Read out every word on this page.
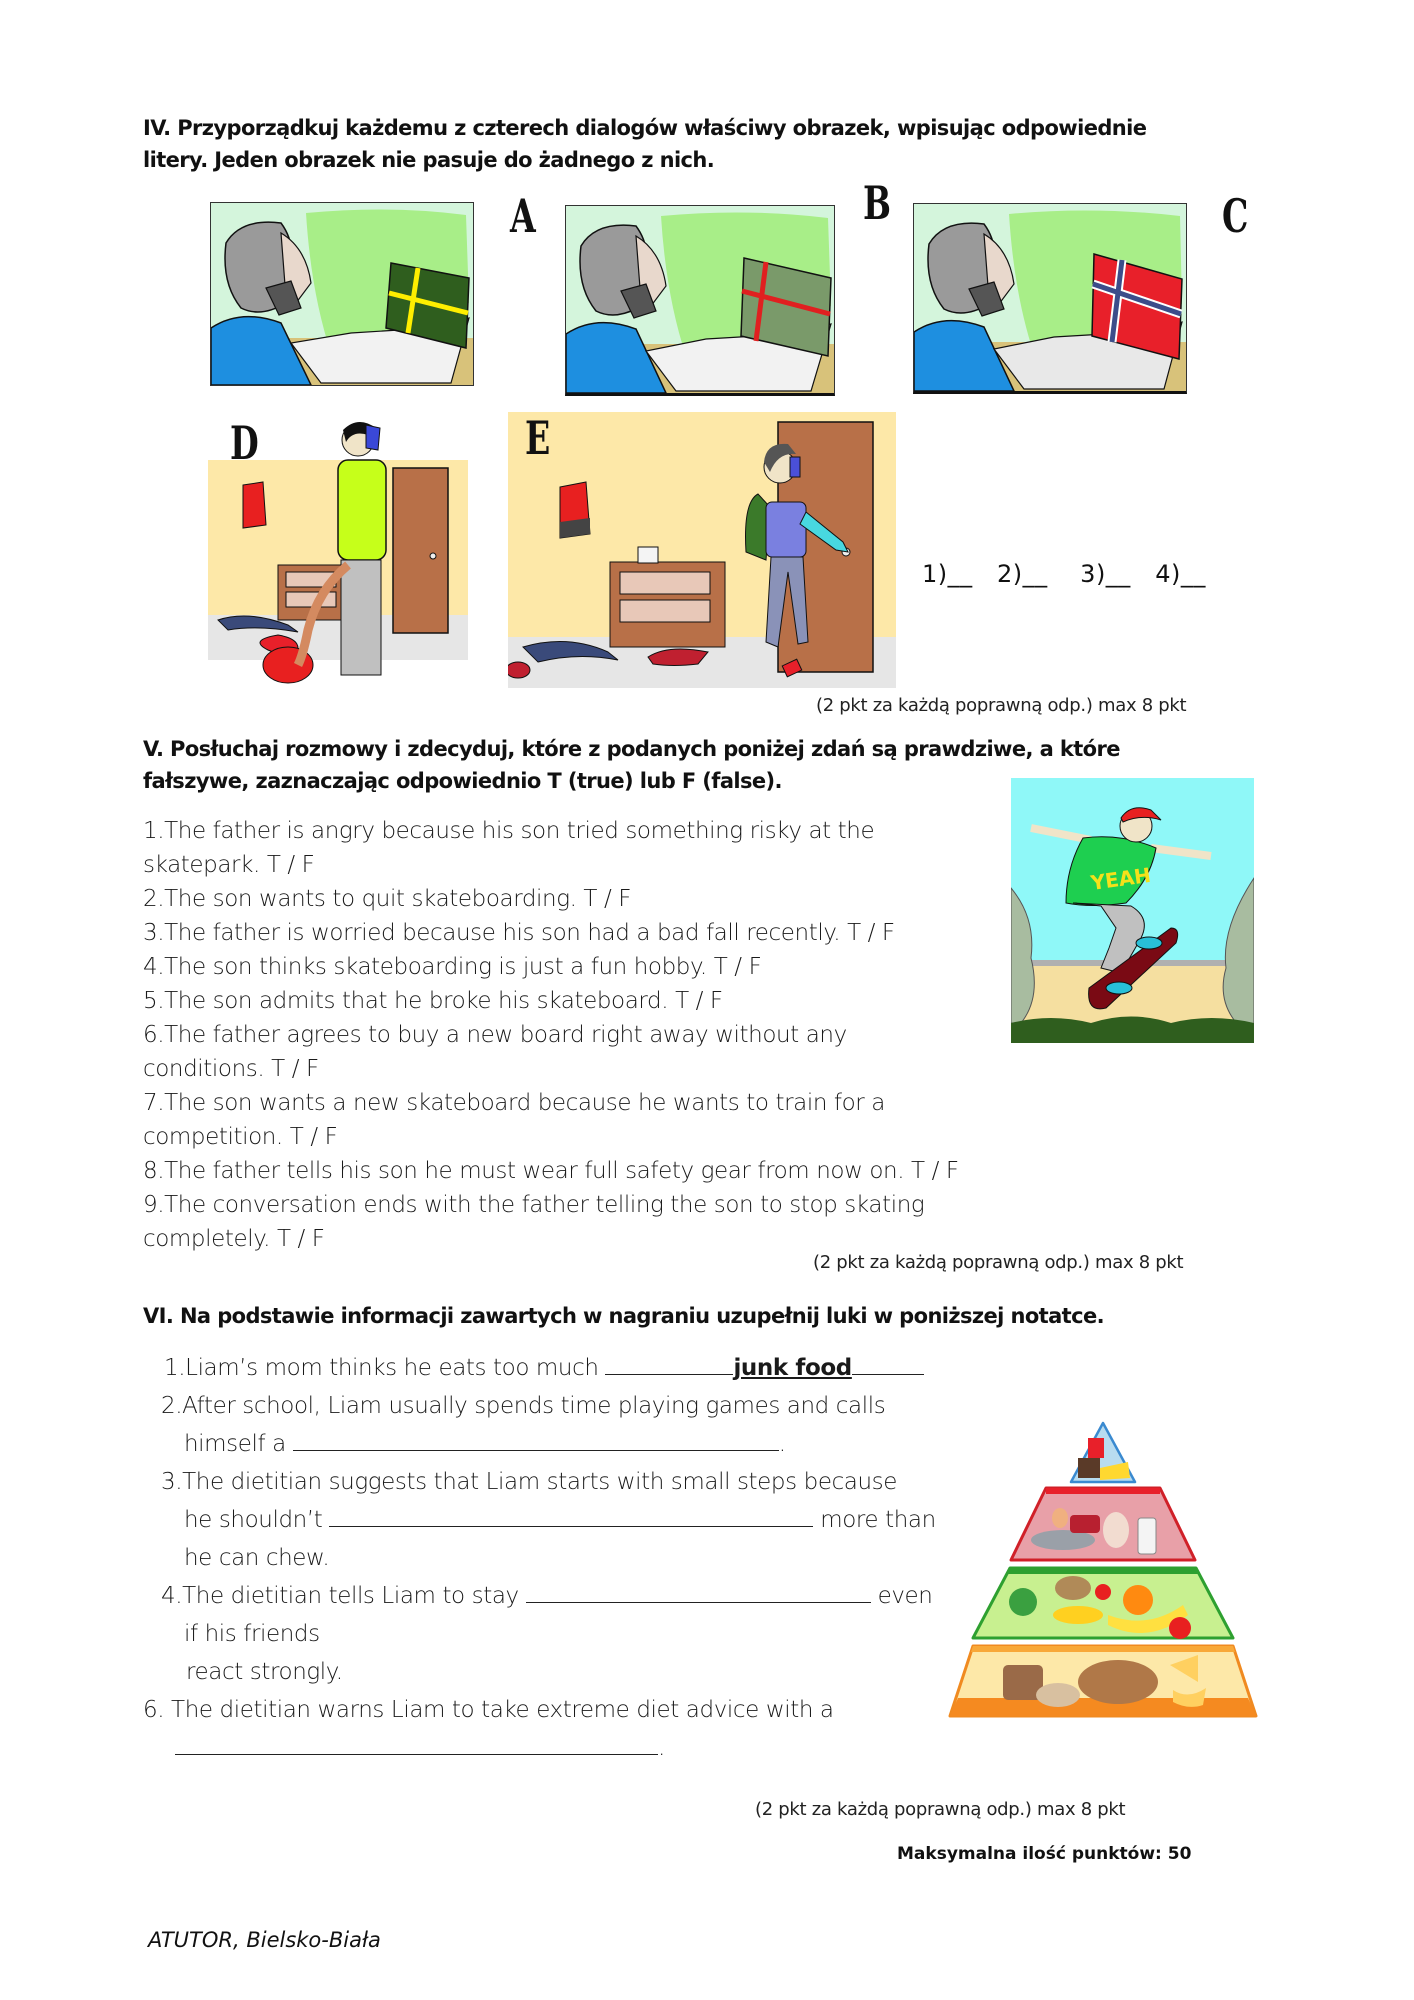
IV. Przyporządkuj każdemu z czterech dialogów właściwy obrazek, wpisując odpowiednie
litery. Jeden obrazek nie pasuje do żadnego z nich.
A	B	C
D	E
1)__   2)__    3)__   4)__
(2 pkt za każdą poprawną odp.) max 8 pkt
V. Posłuchaj rozmowy i zdecyduj, które z podanych poniżej zdań są prawdziwe, a które
fałszywe, zaznaczając odpowiednio T (true) lub F (false).
1.The father is angry because his son tried something risky at the
skatepark. T / F
2.The son wants to quit skateboarding. T / F
3.The father is worried because his son had a bad fall recently. T / F
4.The son thinks skateboarding is just a fun hobby. T / F
5.The son admits that he broke his skateboard. T / F
6.The father agrees to buy a new board right away without any
conditions. T / F
7.The son wants a new skateboard because he wants to train for a
competition. T / F
8.The father tells his son he must wear full safety gear from now on. T / F
9.The conversation ends with the father telling the son to stop skating
completely. T / F
YEAH
(2 pkt za każdą poprawną odp.) max 8 pkt
VI. Na podstawie informacji zawartych w nagraniu uzupełnij luki w poniższej notatce.
1.Liam’s mom thinks he eats too much	junk food
2.After school, Liam usually spends time playing games and calls
himself a	.
3.The dietitian suggests that Liam starts with small steps because
he shouldn’t	more than
he can chew.
4.The dietitian tells Liam to stay	even
if his friends
react strongly.
6. The dietitian warns Liam to take extreme diet advice with a
.
(2 pkt za każdą poprawną odp.) max 8 pkt
Maksymalna ilość punktów: 50
ATUTOR, Bielsko-Biała
